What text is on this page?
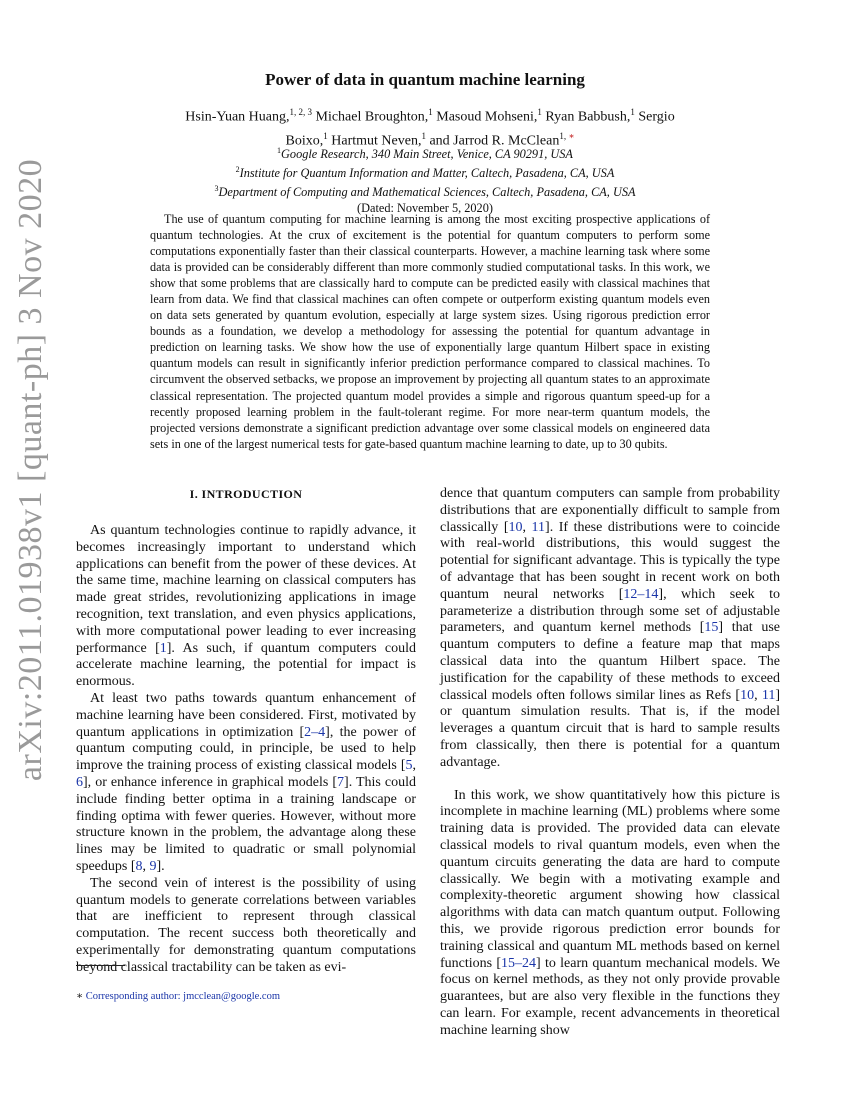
arXiv:2011.01938v1 [quant-ph] 3 Nov 2020
Power of data in quantum machine learning
Hsin-Yuan Huang,$^{1, 2, 3}$ Michael Broughton,$^1$ Masoud Mohseni,$^1$ Ryan Babbush,$^1$ Sergio Boixo,$^1$ Hartmut Neven,$^1$ and Jarrod R. McClean$^{1, ∗}$
$^1$Google Research, 340 Main Street, Venice, CA 90291, USA
$^2$Institute for Quantum Information and Matter, Caltech, Pasadena, CA, USA
$^3$Department of Computing and Mathematical Sciences, Caltech, Pasadena, CA, USA
(Dated: November 5, 2020)
The use of quantum computing for machine learning is among the most exciting prospective applications of quantum technologies. At the crux of excitement is the potential for quantum computers to perform some computations exponentially faster than their classical counterparts. However, a machine learning task where some data is provided can be considerably different than more commonly studied computational tasks. In this work, we show that some problems that are classically hard to compute can be predicted easily with classical machines that learn from data. We find that classical machines can often compete or outperform existing quantum models even on data sets generated by quantum evolution, especially at large system sizes. Using rigorous prediction error bounds as a foundation, we develop a methodology for assessing the potential for quantum advantage in prediction on learning tasks. We show how the use of exponentially large quantum Hilbert space in existing quantum models can result in significantly inferior prediction performance compared to classical machines. To circumvent the observed setbacks, we propose an improvement by projecting all quantum states to an approximate classical representation. The projected quantum model provides a simple and rigorous quantum speed-up for a recently proposed learning problem in the fault-tolerant regime. For more near-term quantum models, the projected versions demonstrate a significant prediction advantage over some classical models on engineered data sets in one of the largest numerical tests for gate-based quantum machine learning to date, up to 30 qubits.
I. INTRODUCTION

As quantum technologies continue to rapidly advance, it becomes increasingly important to understand which applications can benefit from the power of these devices. At the same time, machine learning on classical computers has made great strides, revolutionizing applications in image recognition, text translation, and even physics applications, with more computational power leading to ever increasing performance [1]. As such, if quantum computers could accelerate machine learning, the potential for impact is enormous.

At least two paths towards quantum enhancement of machine learning have been considered. First, motivated by quantum applications in optimization [2–4], the power of quantum computing could, in principle, be used to help improve the training process of existing classical models [5, 6], or enhance inference in graphical models [7]. This could include finding better optima in a training landscape or finding optima with fewer queries. However, without more structure known in the problem, the advantage along these lines may be limited to quadratic or small polynomial speedups [8, 9].

The second vein of interest is the possibility of using quantum models to generate correlations between variables that are inefficient to represent through classical computation. The recent success both theoretically and experimentally for demonstrating quantum computations beyond classical tractability can be taken as evi-

dence that quantum computers can sample from probability distributions that are exponentially difficult to sample from classically [10, 11]. If these distributions were to coincide with real-world distributions, this would suggest the potential for significant advantage. This is typically the type of advantage that has been sought in recent work on both quantum neural networks [12–14], which seek to parameterize a distribution through some set of adjustable parameters, and quantum kernel methods [15] that use quantum computers to define a feature map that maps classical data into the quantum Hilbert space. The justification for the capability of these methods to exceed classical models often follows similar lines as Refs [10, 11] or quantum simulation results. That is, if the model leverages a quantum circuit that is hard to sample results from classically, then there is potential for a quantum advantage.

In this work, we show quantitatively how this picture is incomplete in machine learning (ML) problems where some training data is provided. The provided data can elevate classical models to rival quantum models, even when the quantum circuits generating the data are hard to compute classically. We begin with a motivating example and complexity-theoretic argument showing how classical algorithms with data can match quantum output. Following this, we provide rigorous prediction error bounds for training classical and quantum ML methods based on kernel functions [15–24] to learn quantum mechanical models. We focus on kernel methods, as they not only provide provable guarantees, but are also very flexible in the functions they can learn. For example, recent advancements in theoretical machine learning show

∗ Corresponding author: jmcclean@google.com
